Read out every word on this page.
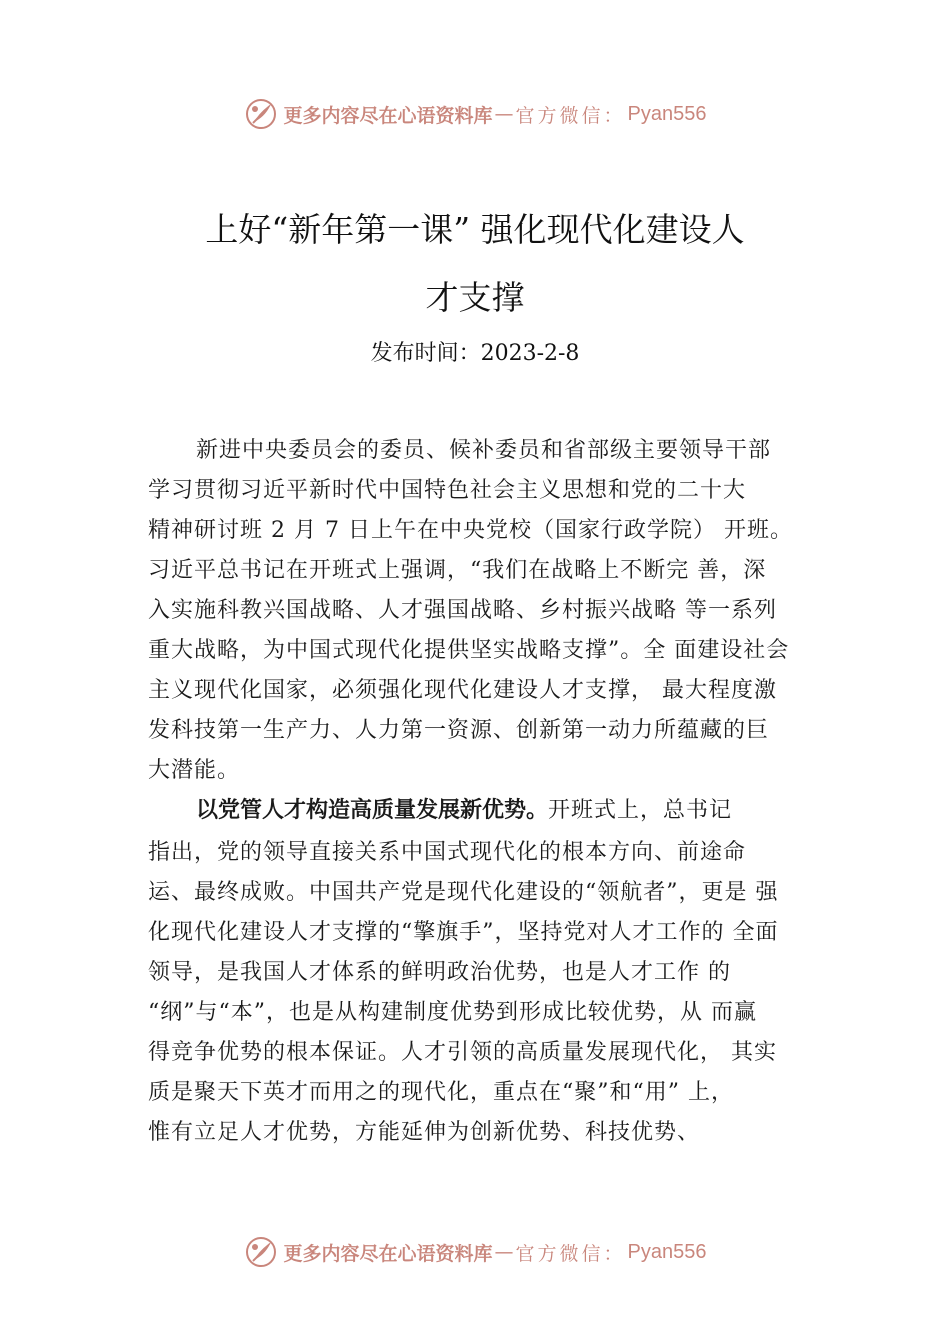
更多内容尽在心语资料库 — 官方微信： Pyan556
上好“新年第一课” 强化现代化建设人
才支撑
发布时间：2023-2-8
新进中央委员会的委员、候补委员和省部级主要领导干部
学习贯彻习近平新时代中国特色社会主义思想和党的二十大
精神研讨班 2 月 7 日上午在中央党校（国家行政学院） 开班。
习近平总书记在开班式上强调，“我们在战略上不断完 善，深
入实施科教兴国战略、人才强国战略、乡村振兴战略 等一系列
重大战略，为中国式现代化提供坚实战略支撑”。全 面建设社会
主义现代化国家，必须强化现代化建设人才支撑， 最大程度激
发科技第一生产力、人力第一资源、创新第一动力所蕴藏的巨
大潜能。
以党管人才构造高质量发展新优势。开班式上，总书记
指出，党的领导直接关系中国式现代化的根本方向、前途命
运、最终成败。中国共产党是现代化建设的“领航者”，更是 强
化现代化建设人才支撑的“擎旗手”，坚持党对人才工作的 全面
领导，是我国人才体系的鲜明政治优势，也是人才工作 的
“纲”与“本”，也是从构建制度优势到形成比较优势，从 而赢
得竞争优势的根本保证。人才引领的高质量发展现代化， 其实
质是聚天下英才而用之的现代化，重点在“聚”和“用” 上，
惟有立足人才优势，方能延伸为创新优势、科技优势、
更多内容尽在心语资料库 — 官方微信： Pyan556
